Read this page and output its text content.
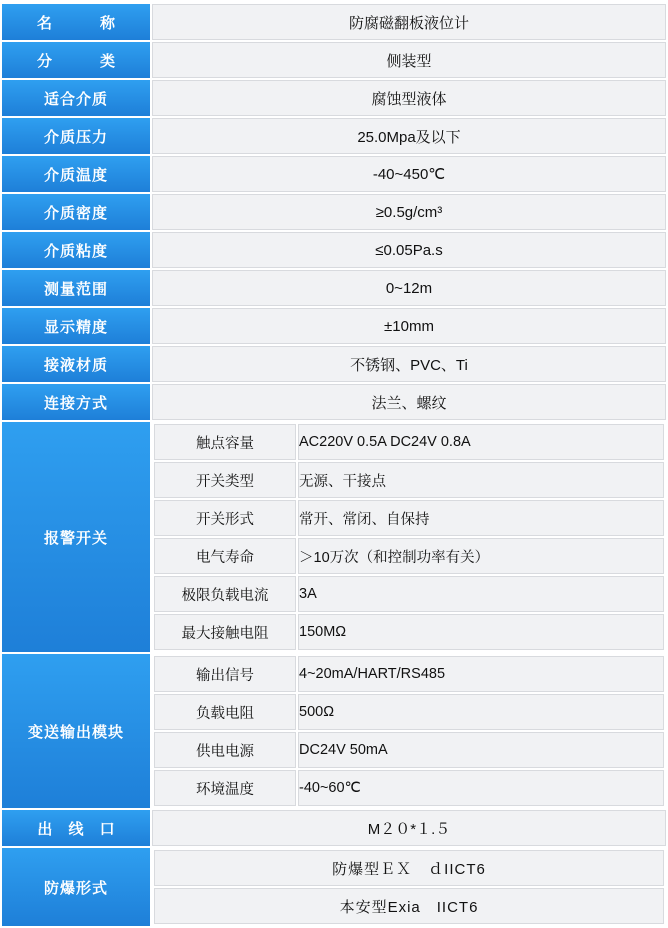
名　　称	防腐磁翻板液位计
分　　类	侧装型
适合介质	腐蚀型液体
介质压力	25.0Mpa及以下
介质温度	-40~450℃
介质密度	≥0.5g/cm³
介质粘度	≤0.05Pa.s
测量范围	0~12m
显示精度	±10mm
接液材质	不锈钢、PVC、Ti
连接方式	法兰、螺纹
报警开关	
触点容量	AC220V 0.5A DC24V 0.8A
开关类型	无源、干接点
开关形式	常开、常闭、自保持
电气寿命	＞10万次（和控制功率有关）
极限负载电流	3A
最大接触电阻	150MΩ

变送输出模块	
输出信号	4~20mA/HART/RS485
负载电阻	500Ω
供电电源	DC24V 50mA
环境温度	-40~60℃

出 线 口	M２０*１.５
防爆形式	
防爆型ＥＸ　ｄIICT6
本安型Exia　IICT6
